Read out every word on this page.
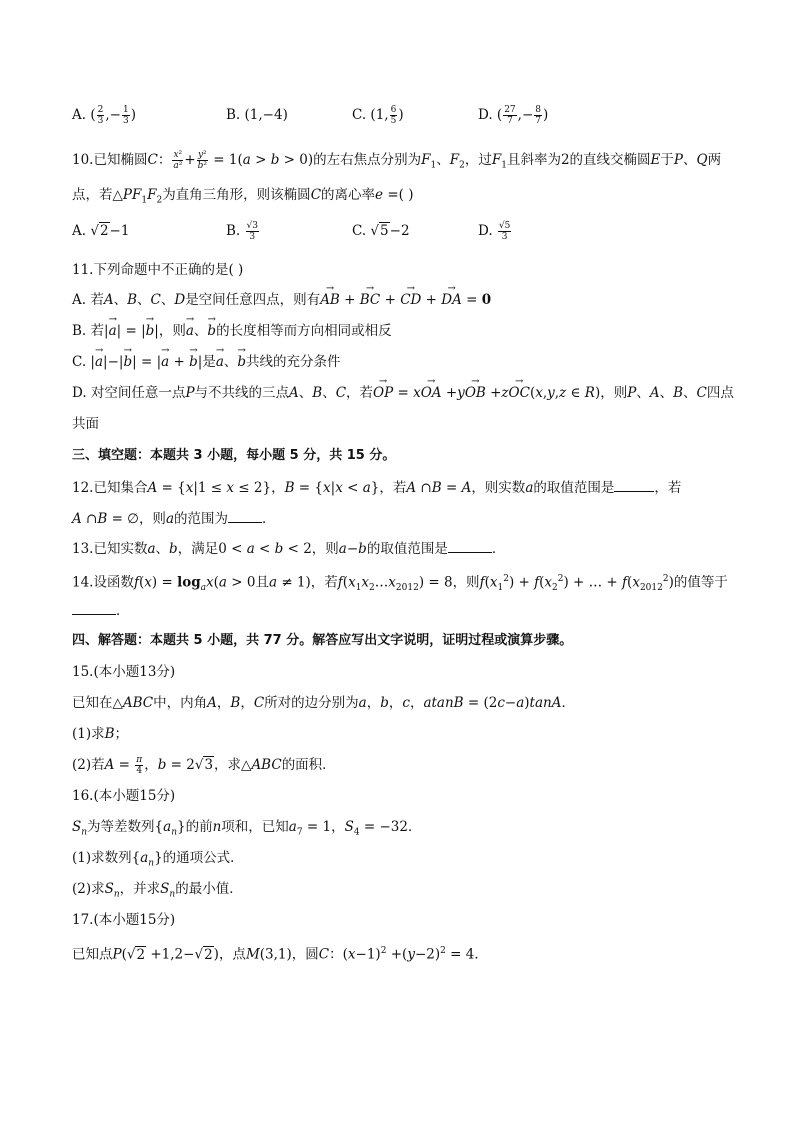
A. ( $\frac{2}{3}$ ,− $\frac{1}{3}$ )	B. (1,−4)	C. (1, $\frac{6}{5}$ )	D. ( $\frac{27}{7}$ ,− $\frac{8}{7}$ )
10.已知椭圆C： $\frac{\text{x²}}{\text{a²}} + \frac{\text{y²}}{\text{b²}} = 1(a > b > 0)$的左右焦点分别为$F_1$、$F_2$，过$F_1$且斜率为2的直线交椭圆E于P、Q两
点，若$\triangle PF_1F_2$为直角三角形，则该椭圆C的离心率e =( )
A. √2−1	B. $\frac{√3}{3}$	C. √5−2	D. $\frac{√5}{3}$
11.下列命题中不正确的是( )
A. 若A、B、C、D是空间任意四点，则有→ AB + → BC + → CD + → DA = 0
B. 若|→ a| = |→ b|，则→ a、→ b的长度相等而方向相同或相反
C. |→ a|−|→ b| = |→ a + → b|是→ a、→ b共线的充分条件
D. 对空间任意一点P与不共线的三点A、B、C，若→ OP = x→ OA +y→ OB +z→ OC(x,y,z ∈ R)，则P、A、B、C四点
共面
三、填空题：本题共 3 小题，每小题 5 分，共 15 分。
12.已知集合A = {x|1 ≤ x ≤ 2}，B = {x|x < a}，若A ∩B = A，则实数a的取值范围是	，若
A ∩B = ∅，则a的范围为	．
13.已知实数a、b，满足0 < a < b < 2，则a−b的取值范围是	．
14.设函数$f(x) = \log_ax(a > 0$且a ≠ 1)，若$f(x_1x_2\dots x_{2012}) = 8$，则$f(x_1^2) + f(x_2^2)$ + … + $f(x_{2012}^2)$的值等于
．
四、解答题：本题共 5 小题，共 77 分。解答应写出文字说明，证明过程或演算步骤。
15.(本小题13分)
已知在△ABC中，内角A，B，C所对的边分别为a，b，c，atanB = (2c−a)tanA．
(1)求B；
(2)若$A = \frac{\pi}{4}$ ，b = 2√3，求△ABC的面积．
16.(本小题15分)
$S_n$为等差数列$\{a_n\}$的前n项和，已知$a_7 = 1$，$S_4 = -32$．
(1)求数列$\{a_n\}$的通项公式．
(2)求$S_n$，并求$S_n$的最小值．
17.(本小题15分)
已知点P(√2 +1,2−√2)，点M(3,1)，圆C：$(x-1)^2 +(y-2)^2 = 4$．
